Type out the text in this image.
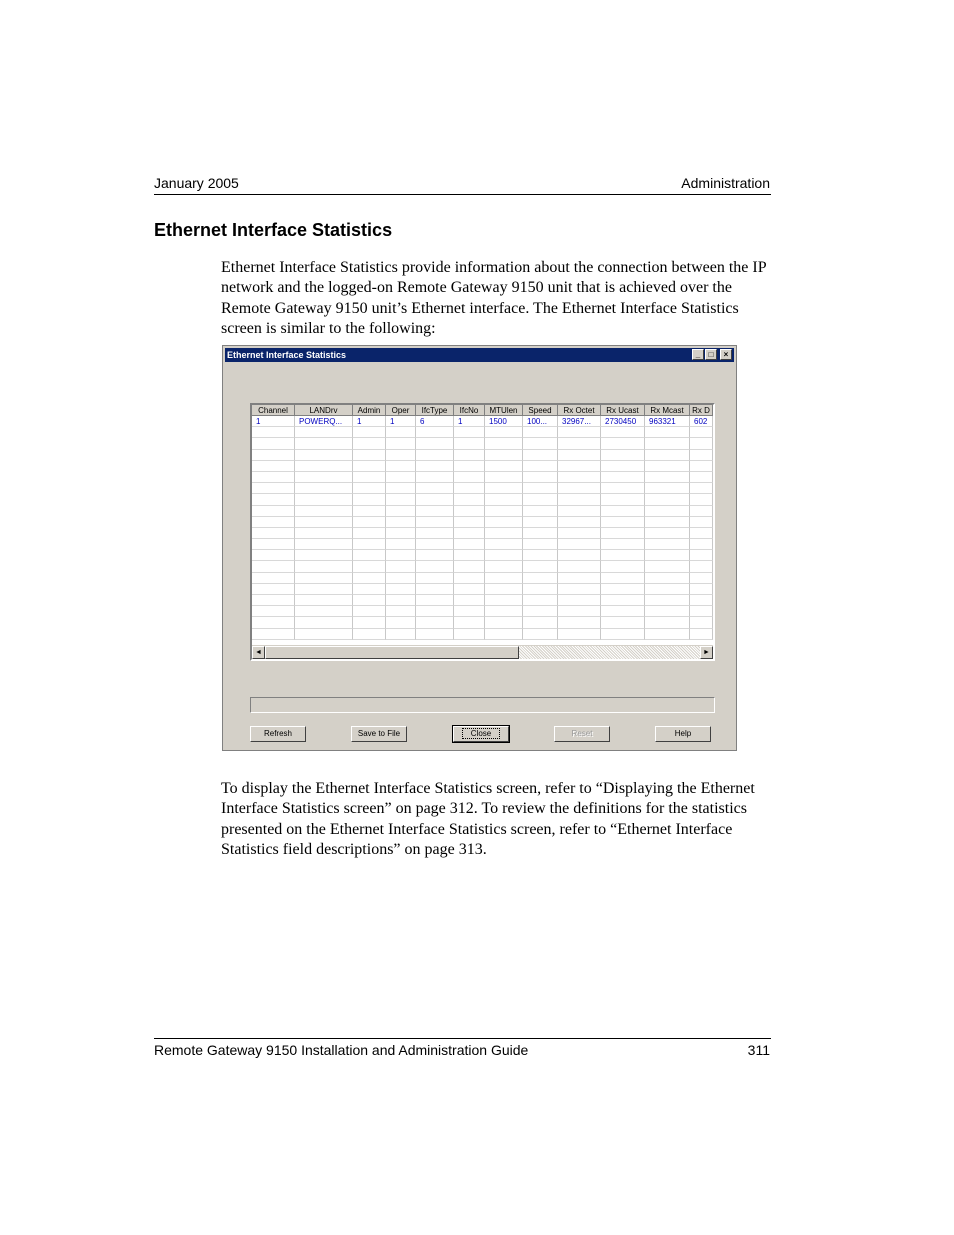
January 2005	Administration
Ethernet Interface Statistics
Ethernet Interface Statistics provide information about the connection between the IP network and the logged-on Remote Gateway 9150 unit that is achieved over the Remote Gateway 9150 unit’s Ethernet interface. The Ethernet Interface Statistics screen is similar to the following:
Ethernet Interface Statistics	_	□	×
Channel	LANDrv	Admin	Oper	IfcType	IfcNo	MTUlen	Speed	Rx Octet	Rx Ucast	Rx Mcast	Rx D
1	POWERQ...	1	1	6	1	1500	100...	32967...	2730450	963321	602
◄	►
Refresh	Save to File	Close	Reset	Help
To display the Ethernet Interface Statistics screen, refer to “Displaying the Ethernet Interface Statistics screen” on page 312. To review the definitions for the statistics presented on the Ethernet Interface Statistics screen, refer to “Ethernet Interface Statistics field descriptions” on page 313.
Remote Gateway 9150 Installation and Administration Guide	311
